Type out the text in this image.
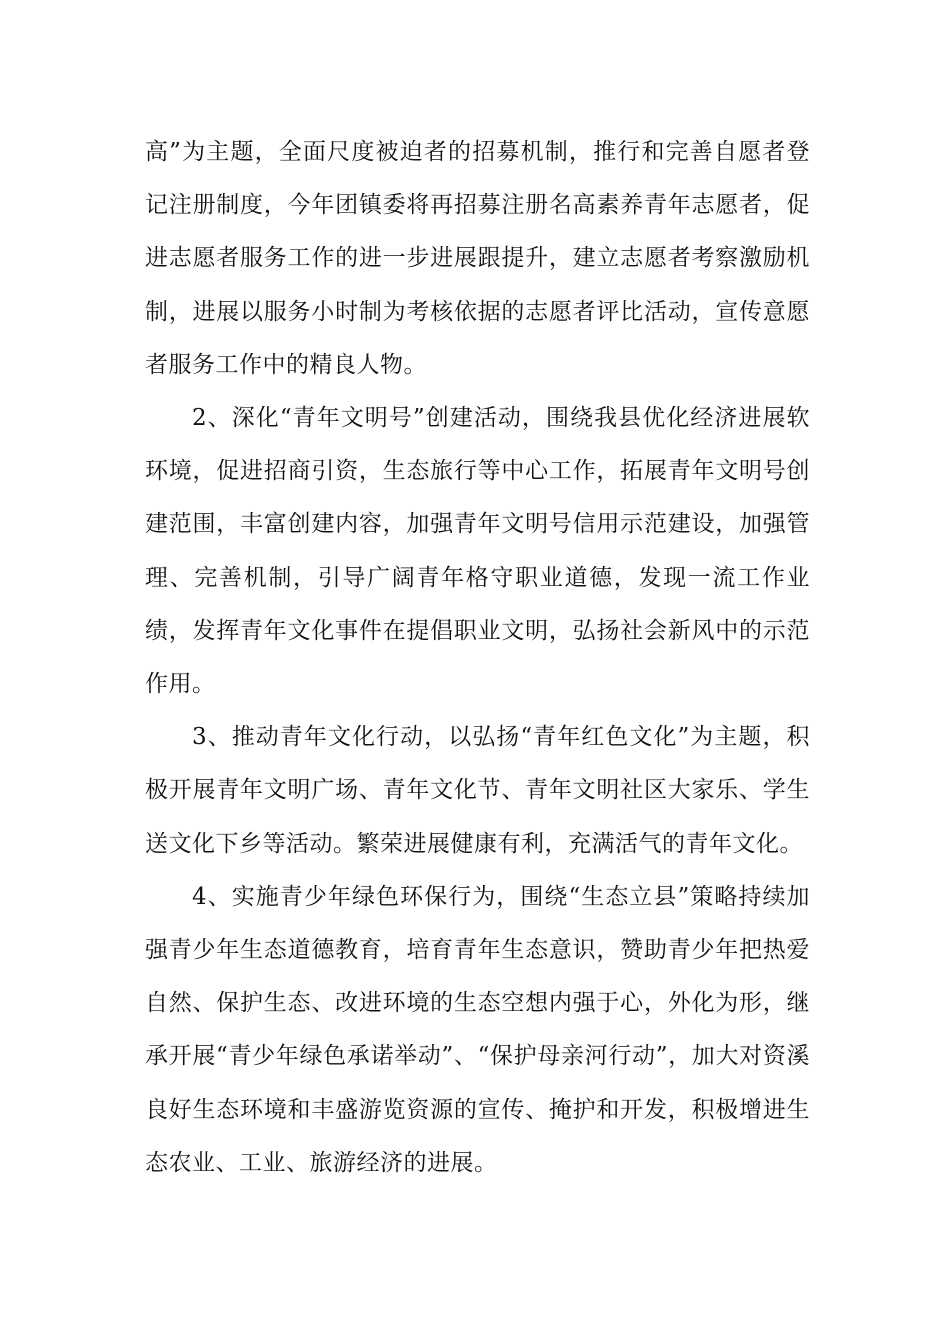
高”为主题，全面尺度被迫者的招募机制，推行和完善自愿者登记注册制度，今年团镇委将再招募注册名高素养青年志愿者，促进志愿者服务工作的进一步进展跟提升，建立志愿者考察激励机制，进展以服务小时制为考核依据的志愿者评比活动，宣传意愿者服务工作中的精良人物。

2、深化“青年文明号”创建活动，围绕我县优化经济进展软环境，促进招商引资，生态旅行等中心工作，拓展青年文明号创建范围，丰富创建内容，加强青年文明号信用示范建设，加强管理、完善机制，引导广阔青年格守职业道德，发现一流工作业绩，发挥青年文化事件在提倡职业文明，弘扬社会新风中的示范作用。

3、推动青年文化行动，以弘扬“青年红色文化”为主题，积极开展青年文明广场、青年文化节、青年文明社区大家乐、学生送文化下乡等活动。繁荣进展健康有利，充满活气的青年文化。

4、实施青少年绿色环保行为，围绕“生态立县”策略持续加强青少年生态道德教育，培育青年生态意识，赞助青少年把热爱自然、保护生态、改进环境的生态空想内强于心，外化为形，继承开展“青少年绿色承诺举动”、“保护母亲河行动”，加大对资溪良好生态环境和丰盛游览资源的宣传、掩护和开发，积极增进生态农业、工业、旅游经济的进展。
